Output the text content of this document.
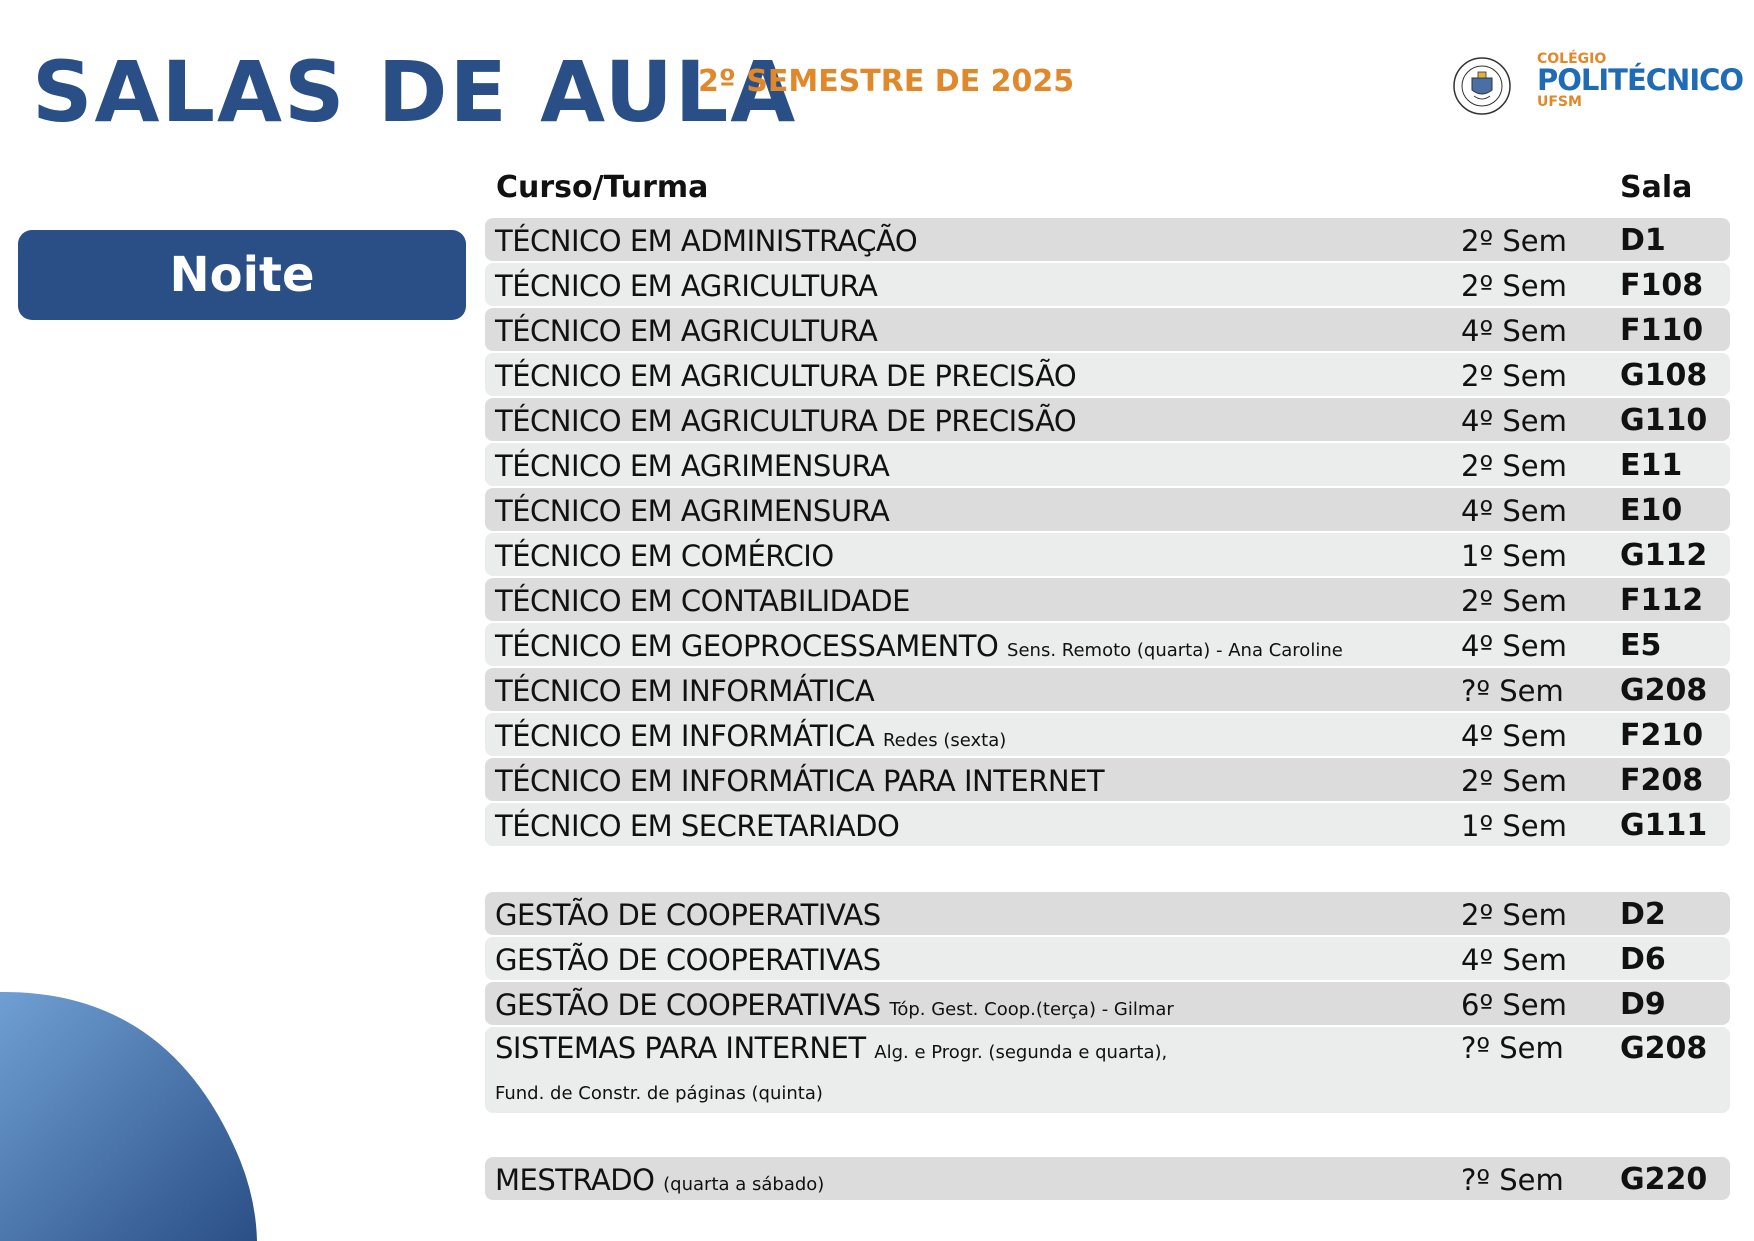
SALAS DE AULA
2º SEMESTRE DE 2025
COLÉGIO
POLITÉCNICO
UFSM
Noite
Curso/Turma	Sala
TÉCNICO EM ADMINISTRAÇÃO	2º Sem D1
TÉCNICO EM AGRICULTURA	2º Sem F108
TÉCNICO EM AGRICULTURA	4º Sem F110
TÉCNICO EM AGRICULTURA DE PRECISÃO	2º Sem G108
TÉCNICO EM AGRICULTURA DE PRECISÃO	4º Sem G110
TÉCNICO EM AGRIMENSURA	2º Sem E11
TÉCNICO EM AGRIMENSURA	4º Sem E10
TÉCNICO EM COMÉRCIO	1º Sem G112
TÉCNICO EM CONTABILIDADE	2º Sem F112
TÉCNICO EM GEOPROCESSAMENTO Sens. Remoto (quarta) - Ana Caroline	4º Sem E5
TÉCNICO EM INFORMÁTICA	?º Sem G208
TÉCNICO EM INFORMÁTICA Redes (sexta)	4º Sem F210
TÉCNICO EM INFORMÁTICA PARA INTERNET	2º Sem F208
TÉCNICO EM SECRETARIADO	1º Sem G111
GESTÃO DE COOPERATIVAS	2º Sem D2
GESTÃO DE COOPERATIVAS	4º Sem D6
GESTÃO DE COOPERATIVAS Tóp. Gest. Coop.(terça) - Gilmar	6º Sem D9
SISTEMAS PARA INTERNET Alg. e Progr. (segunda e quarta),	?º Sem G208
Fund. de Constr. de páginas (quinta)
MESTRADO (quarta a sábado)	?º Sem G220
